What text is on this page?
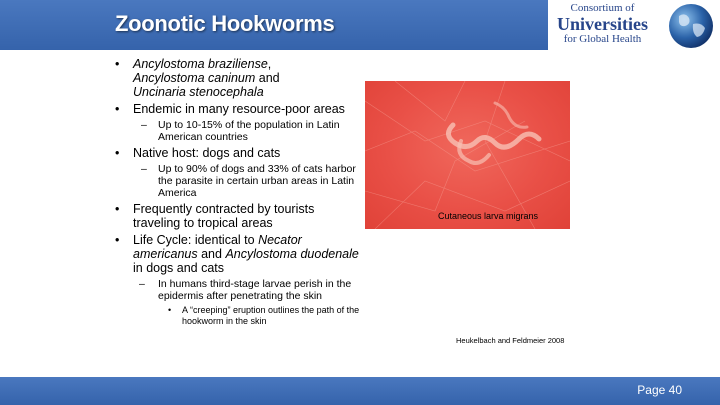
Zoonotic Hookworms
Consortium of
Universities
for Global Health
• Ancylostoma braziliense,
Ancylostoma caninum and
Uncinaria stenocephala
• Endemic in many resource-poor areas
– Up to 10-15% of the population in Latin American countries
• Native host: dogs and cats
– Up to 90% of dogs and 33% of cats harbor the parasite in certain urban areas in Latin America
• Frequently contracted by tourists traveling to tropical areas
• Life Cycle: identical to Necator americanus and Ancylostoma duodenale in dogs and cats
– In humans third-stage larvae perish in the epidermis after penetrating the skin
• A “creeping” eruption outlines the path of the hookworm in the skin
Cutaneous larva migrans
Heukelbach and Feldmeier 2008
Page 40
